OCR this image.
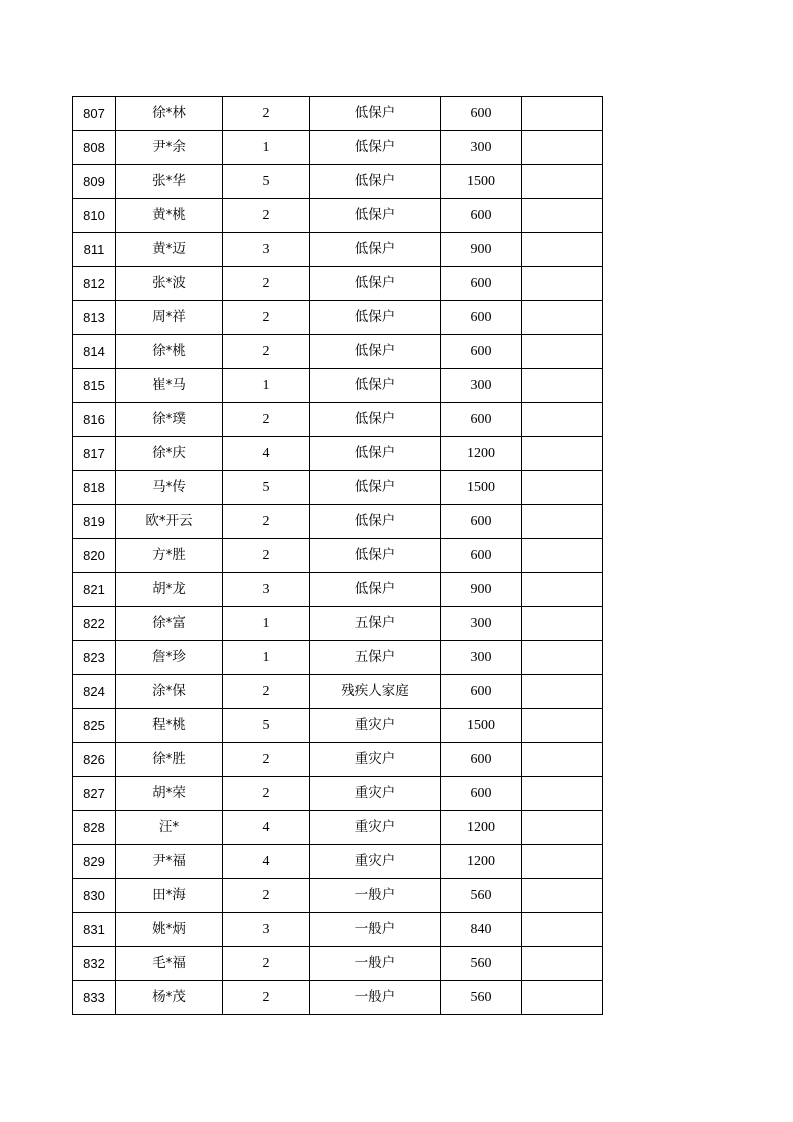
807	徐*林	2	低保户	600	
808	尹*余	1	低保户	300	
809	张*华	5	低保户	1500	
810	黄*桃	2	低保户	600	
811	黄*迈	3	低保户	900	
812	张*波	2	低保户	600	
813	周*祥	2	低保户	600	
814	徐*桃	2	低保户	600	
815	崔*马	1	低保户	300	
816	徐*璞	2	低保户	600	
817	徐*庆	4	低保户	1200	
818	马*传	5	低保户	1500	
819	欧*开云	2	低保户	600	
820	方*胜	2	低保户	600	
821	胡*龙	3	低保户	900	
822	徐*富	1	五保户	300	
823	詹*珍	1	五保户	300	
824	涂*保	2	残疾人家庭	600	
825	程*桃	5	重灾户	1500	
826	徐*胜	2	重灾户	600	
827	胡*荣	2	重灾户	600	
828	汪*	4	重灾户	1200	
829	尹*福	4	重灾户	1200	
830	田*海	2	一般户	560	
831	姚*炳	3	一般户	840	
832	毛*福	2	一般户	560	
833	杨*茂	2	一般户	560	
